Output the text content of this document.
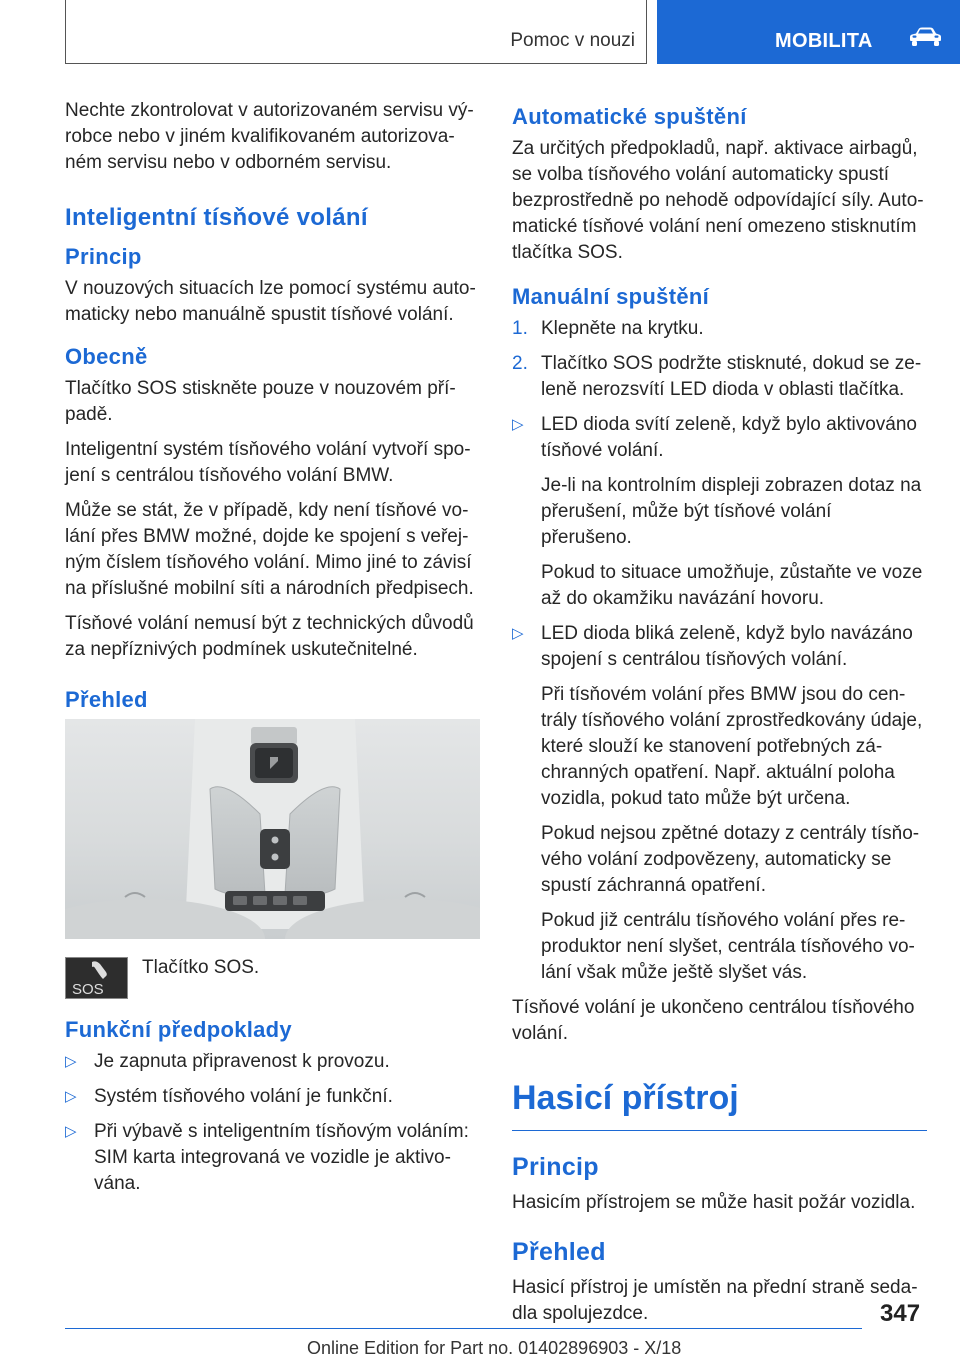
Pomoc v nouzi	MOBILITA

Nechte zkontrolovat v autorizovaném servisu výrobce nebo v jiném kvalifikovaném autorizovaném servisu nebo v odborném servisu.

Inteligentní tísňové volání
Princip

V nouzových situacích lze pomocí systému automaticky nebo manuálně spustit tísňové volání.

Obecně

Tlačítko SOS stiskněte pouze v nouzovém případě.

Inteligentní systém tísňového volání vytvoří spojení s centrálou tísňového volání BMW.

Může se stát, že v případě, kdy není tísňové volání přes BMW možné, dojde ke spojení s veřejným číslem tísňového volání. Mimo jiné to závisí na příslušné mobilní síti a národních předpisech.

Tísňové volání nemusí být z technických důvodů za nepříznivých podmínek uskutečnitelné.

Přehled
SOS
Tlačítko SOS.
Funkční předpoklady
▷ Je zapnuta připravenost k provozu.
▷ Systém tísňového volání je funkční.
▷ Při výbavě s inteligentním tísňovým voláním: SIM karta integrovaná ve vozidle je aktivována.
Automatické spuštění

Za určitých předpokladů, např. aktivace airbagů, se volba tísňového volání automaticky spustí bezprostředně po nehodě odpovídající síly. Automatické tísňové volání není omezeno stisknutím tlačítka SOS.

Manuální spuštění
1. Klepněte na krytku.
2. Tlačítko SOS podržte stisknuté, dokud se zeleně nerozsvítí LED dioda v oblasti tlačítka.
▷ LED dioda svítí zeleně, když bylo aktivováno tísňové volání.
Je-li na kontrolním displeji zobrazen dotaz na přerušení, může být tísňové volání přerušeno.
Pokud to situace umožňuje, zůstaňte ve voze až do okamžiku navázání hovoru.
▷ LED dioda bliká zeleně, když bylo navázáno spojení s centrálou tísňových volání.
Při tísňovém volání přes BMW jsou do centrály tísňového volání zprostředkovány údaje, které slouží ke stanovení potřebných záchranných opatření. Např. aktuální poloha vozidla, pokud tato může být určena.
Pokud nejsou zpětné dotazy z centrály tísňového volání zodpovězeny, automaticky se spustí záchranná opatření.
Pokud již centrálu tísňového volání přes reproduktor není slyšet, centrála tísňového volání však může ještě slyšet vás.

Tísňové volání je ukončeno centrálou tísňového volání.

Hasicí přístroj
Princip

Hasicím přístrojem se může hasit požár vozidla.

Přehled

Hasicí přístroj je umístěn na přední straně sedadla spolujezdce.	347
Online Edition for Part no. 01402896903 - X/18
